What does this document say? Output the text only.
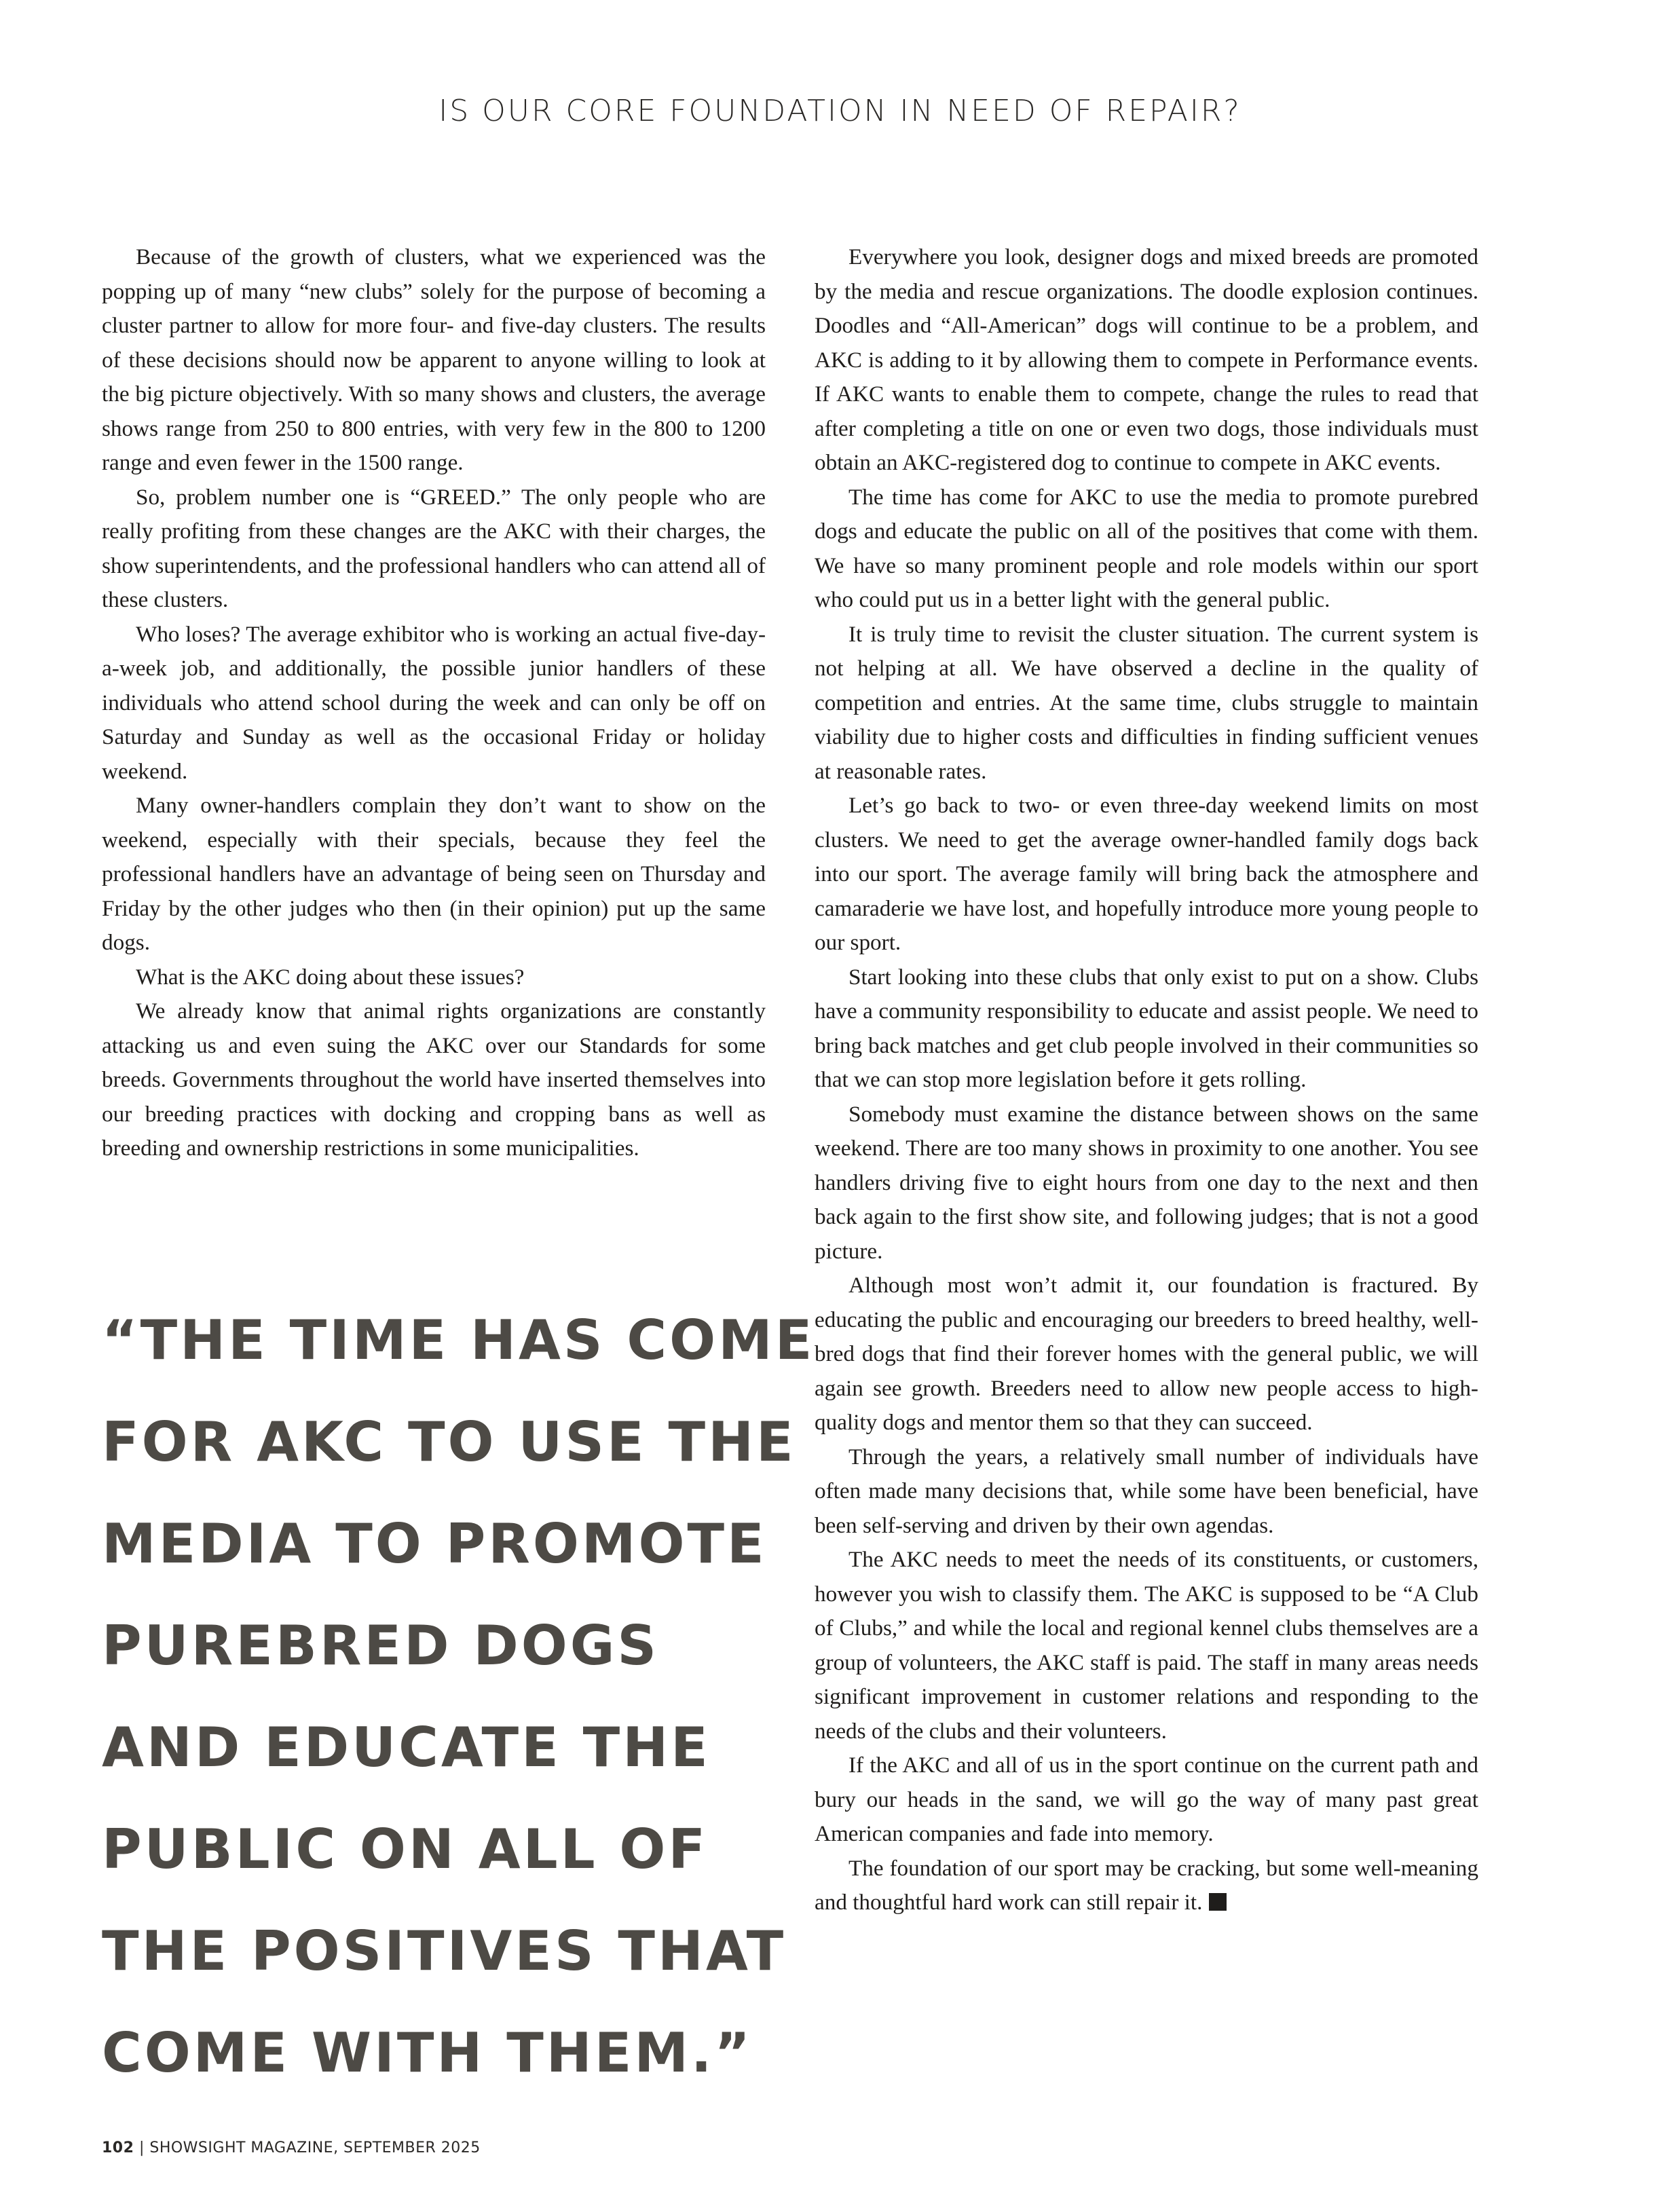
IS OUR CORE FOUNDATION IN NEED OF REPAIR?

Because of the growth of clusters, what we experienced was the popping up of many “new clubs” solely for the purpose of becoming a cluster partner to allow for more four- and five-day clusters. The results of these decisions should now be apparent to anyone willing to look at the big picture objectively. With so many shows and clusters, the average shows range from 250 to 800 entries, with very few in the 800 to 1200 range and even fewer in the 1500 range.

So, problem number one is “GREED.” The only people who are really profiting from these changes are the AKC with their charges, the show superintendents, and the professional handlers who can attend all of these clusters.

Who loses? The average exhibitor who is working an actual five-day-a-week job, and additionally, the possible junior handlers of these individuals who attend school during the week and can only be off on Saturday and Sunday as well as the occasional Friday or holiday weekend.

Many owner-handlers complain they don’t want to show on the weekend, especially with their specials, because they feel the professional handlers have an advantage of being seen on Thursday and Friday by the other judges who then (in their opinion) put up the same dogs.

What is the AKC doing about these issues?

We already know that animal rights organizations are constantly attacking us and even suing the AKC over our Standards for some breeds. Governments throughout the world have inserted themselves into our breeding practices with docking and cropping bans as well as breeding and ownership restrictions in some municipalities.

“THE TIME HAS COME
FOR AKC TO USE THE
MEDIA TO PROMOTE
PUREBRED DOGS
AND EDUCATE THE
PUBLIC ON ALL OF
THE POSITIVES THAT
COME WITH THEM.”

Everywhere you look, designer dogs and mixed breeds are promoted by the media and rescue organizations. The doodle explosion continues. Doodles and “All-American” dogs will continue to be a problem, and AKC is adding to it by allowing them to compete in Performance events. If AKC wants to enable them to compete, change the rules to read that after completing a title on one or even two dogs, those individuals must obtain an AKC-registered dog to continue to compete in AKC events.

The time has come for AKC to use the media to promote purebred dogs and educate the public on all of the positives that come with them. We have so many prominent people and role models within our sport who could put us in a better light with the general public.

It is truly time to revisit the cluster situation. The current system is not helping at all. We have observed a decline in the quality of competition and entries. At the same time, clubs struggle to maintain viability due to higher costs and difficulties in finding sufficient venues at reasonable rates.

Let’s go back to two- or even three-day weekend limits on most clusters. We need to get the average owner-handled family dogs back into our sport. The average family will bring back the atmosphere and camaraderie we have lost, and hopefully introduce more young people to our sport.

Start looking into these clubs that only exist to put on a show. Clubs have a community responsibility to educate and assist people. We need to bring back matches and get club people involved in their communities so that we can stop more legislation before it gets rolling.

Somebody must examine the distance between shows on the same weekend. There are too many shows in proximity to one another. You see handlers driving five to eight hours from one day to the next and then back again to the first show site, and following judges; that is not a good picture.

Although most won’t admit it, our foundation is fractured. By educating the public and encouraging our breeders to breed healthy, well-bred dogs that find their forever homes with the general public, we will again see growth. Breeders need to allow new people access to high-quality dogs and mentor them so that they can succeed.

Through the years, a relatively small number of individuals have often made many decisions that, while some have been beneficial, have been self-serving and driven by their own agendas.

The AKC needs to meet the needs of its constituents, or customers, however you wish to classify them. The AKC is supposed to be “A Club of Clubs,” and while the local and regional kennel clubs themselves are a group of volunteers, the AKC staff is paid. The staff in many areas needs significant improvement in customer relations and responding to the needs of the clubs and their volunteers.

If the AKC and all of us in the sport continue on the current path and bury our heads in the sand, we will go the way of many past great American companies and fade into memory.

The foundation of our sport may be cracking, but some well-meaning and thoughtful hard work can still repair it.

102 | SHOWSIGHT MAGAZINE, SEPTEMBER 2025
